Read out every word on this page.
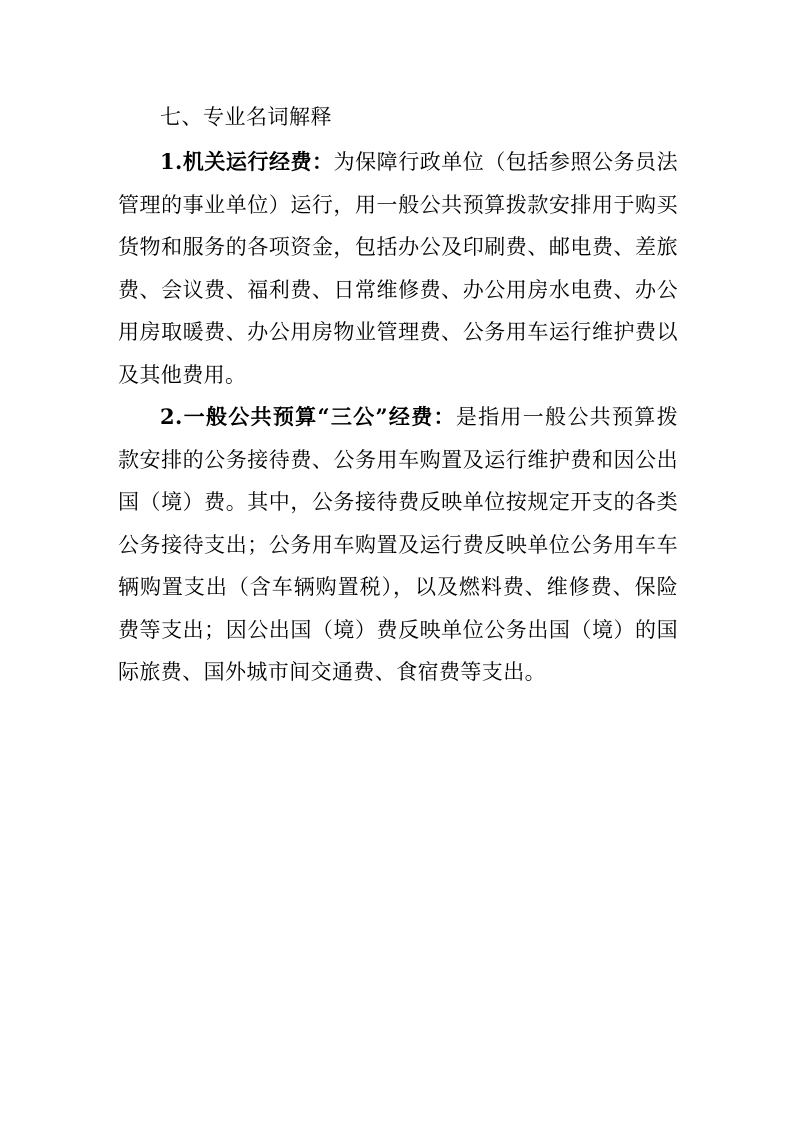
七、专业名词解释

1.机关运行经费：为保障行政单位（包括参照公务员法管理的事业单位）运行，用一般公共预算拨款安排用于购买货物和服务的各项资金，包括办公及印刷费、邮电费、差旅费、会议费、福利费、日常维修费、办公用房水电费、办公用房取暖费、办公用房物业管理费、公务用车运行维护费以及其他费用。

2.一般公共预算“三公”经费：是指用一般公共预算拨款安排的公务接待费、公务用车购置及运行维护费和因公出国（境）费。其中，公务接待费反映单位按规定开支的各类公务接待支出；公务用车购置及运行费反映单位公务用车车辆购置支出（含车辆购置税），以及燃料费、维修费、保险费等支出；因公出国（境）费反映单位公务出国（境）的国际旅费、国外城市间交通费、食宿费等支出。
